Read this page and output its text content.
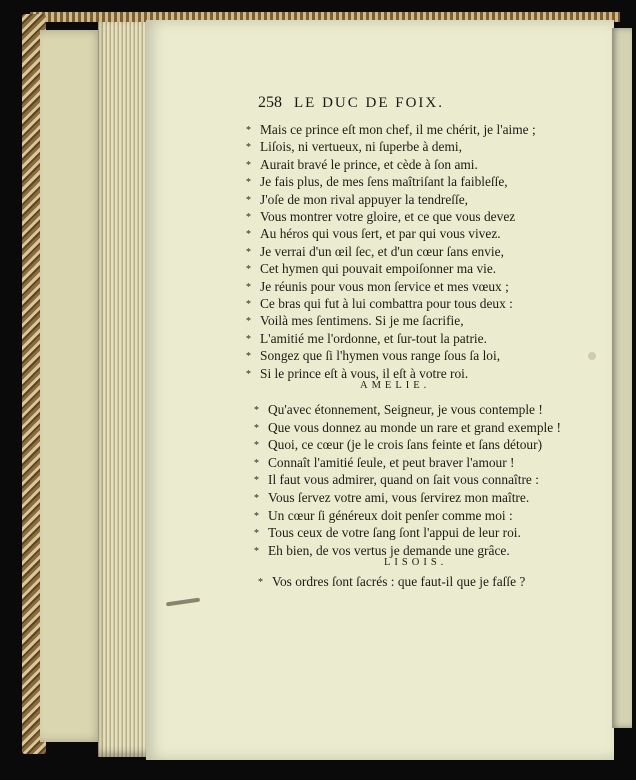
258 LE DUC DE FOIX.
* Mais ce prince eſt mon chef, il me chérit, je l'aime ;
* Liſois, ni vertueux, ni ſuperbe à demi,
* Aurait bravé le prince, et cède à ſon ami.
* Je fais plus, de mes ſens maîtriſant la faibleſſe,
* J'oſe de mon rival appuyer la tendreſſe,
* Vous montrer votre gloire, et ce que vous devez
* Au héros qui vous ſert, et par qui vous vivez.
* Je verrai d'un œil ſec, et d'un cœur ſans envie,
* Cet hymen qui pouvait empoiſonner ma vie.
* Je réunis pour vous mon ſervice et mes vœux ;
* Ce bras qui fut à lui combattra pour tous deux :
* Voilà mes ſentimens. Si je me ſacrifie,
* L'amitié me l'ordonne, et ſur-tout la patrie.
* Songez que ſi l'hymen vous range ſous ſa loi,
* Si le prince eſt à vous, il eſt à votre roi.
AMELIE.
* Qu'avec étonnement, Seigneur, je vous contemple !
* Que vous donnez au monde un rare et grand exemple !
* Quoi, ce cœur (je le crois ſans feinte et ſans détour)
* Connaît l'amitié ſeule, et peut braver l'amour !
* Il faut vous admirer, quand on ſait vous connaître :
* Vous ſervez votre ami, vous ſervirez mon maître.
* Un cœur ſi généreux doit penſer comme moi :
* Tous ceux de votre ſang ſont l'appui de leur roi.
* Eh bien, de vos vertus je demande une grâce.
LISOIS.
* Vos ordres ſont ſacrés : que faut-il que je faſſe ?
